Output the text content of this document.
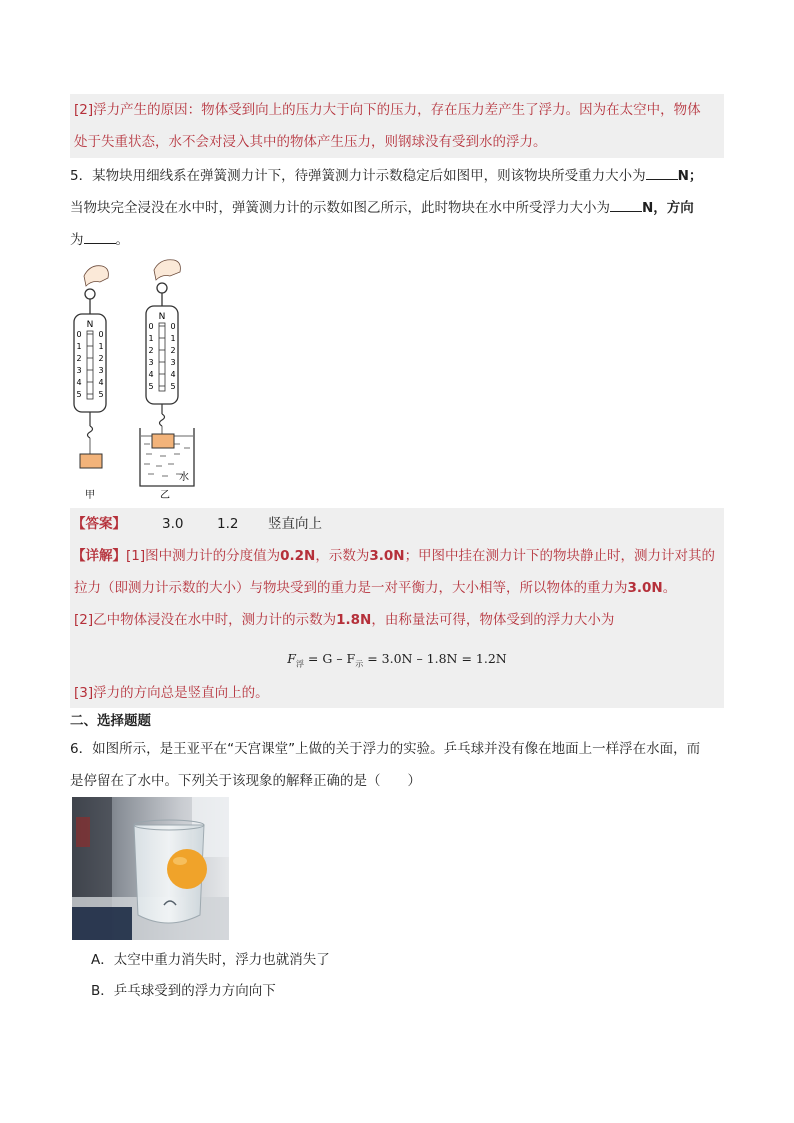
[2]浮力产生的原因：物体受到向上的压力大于向下的压力，存在压力差产生了浮力。因为在太空中，物体
处于失重状态，水不会对浸入其中的物体产生压力，则钢球没有受到水的浮力。
5．某物块用细线系在弹簧测力计下，待弹簧测力计示数稳定后如图甲，则该物块所受重力大小为 N；
当物块完全浸没在水中时，弹簧测力计的示数如图乙所示，此时物块在水中所受浮力大小为 N，方向
为 。
N
0 0
1 1
2 2
3 3
4 4
5 5
甲
N
0 0
1 1
2 2
3 3
4 4
5 5
水
乙
【答案】	3.0 1.2 竖直向上
【详解】[1]图中测力计的分度值为0.2N，示数为3.0N；甲图中挂在测力计下的物块静止时，测力计对其的
拉力（即测力计示数的大小）与物块受到的重力是一对平衡力，大小相等，所以物体的重力为3.0N。
[2]乙中物体浸没在水中时，测力计的示数为1.8N，由称量法可得，物体受到的浮力大小为
$F_浮 = G - F_示 = 3.0N - 1.8N = 1.2N$
[3]浮力的方向总是竖直向上的。
二、选择题题
6．如图所示，是王亚平在“天宫课堂”上做的关于浮力的实验。乒乓球并没有像在地面上一样浮在水面，而
是停留在了水中。下列关于该现象的解释正确的是（　　）
A．太空中重力消失时，浮力也就消失了
B．乒乓球受到的浮力方向向下
